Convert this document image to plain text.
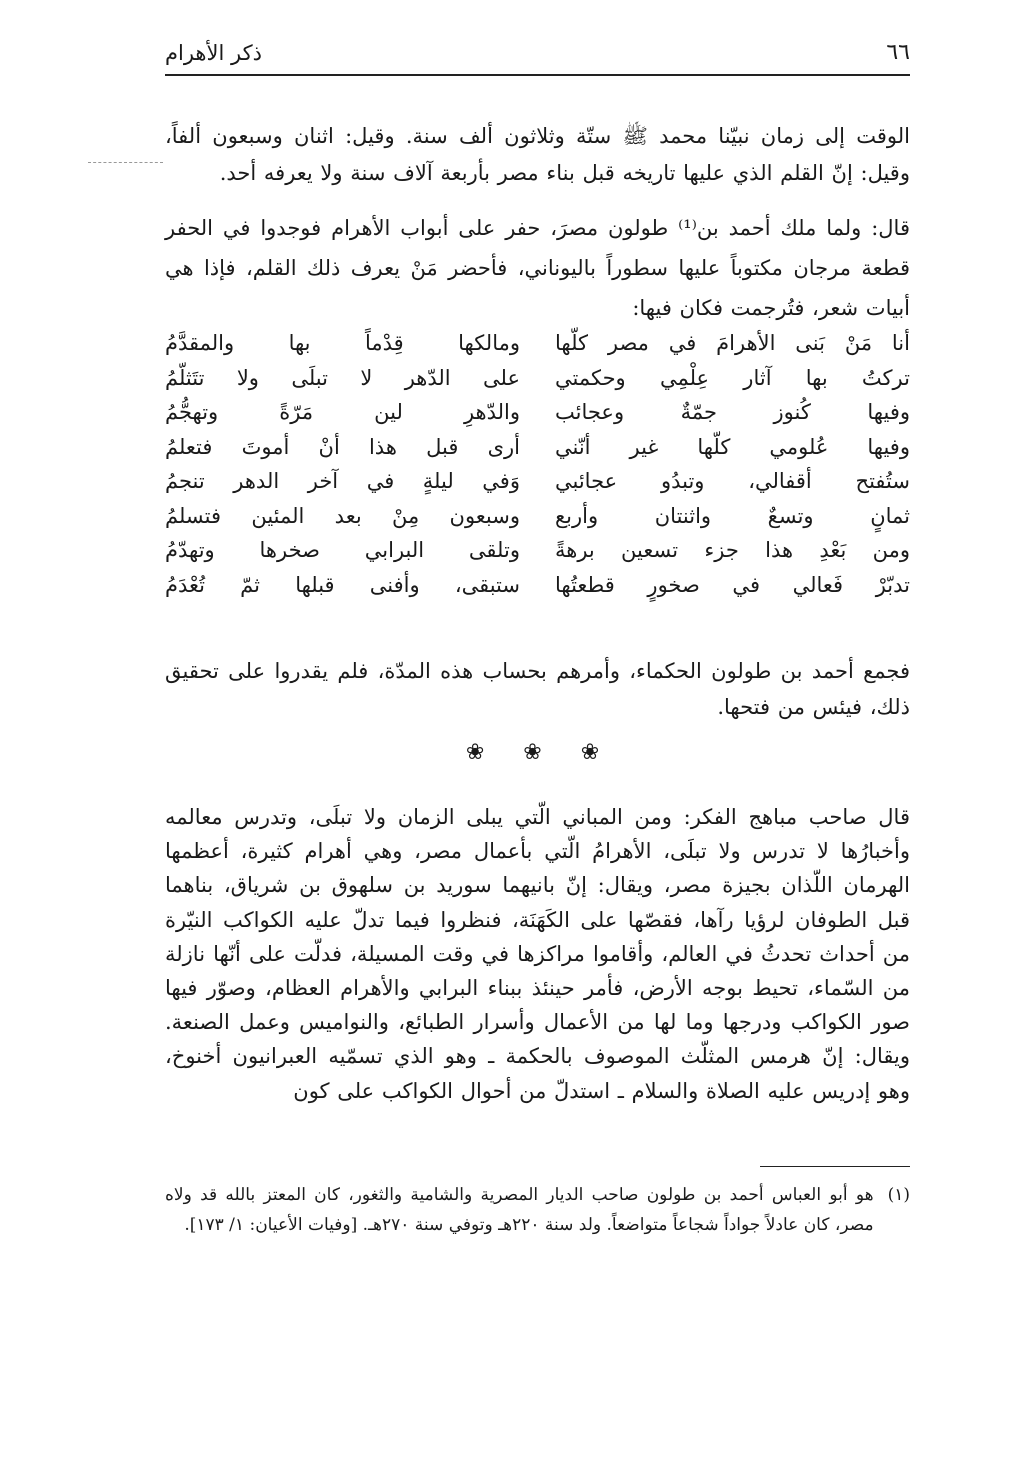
٦٦
ذكر الأهرام

الوقت إلى زمان نبيّنا محمد ﷺ ستّة وثلاثون ألف سنة. وقيل: اثنان وسبعون ألفاً، وقيل: إنّ القلم الذي عليها تاريخه قبل بناء مصر بأربعة آلاف سنة ولا يعرفه أحد.

قال: ولما ملك أحمد بن⁽¹⁾ طولون مصرَ، حفر على أبواب الأهرام فوجدوا في الحفر قطعة مرجان مكتوباً عليها سطوراً باليوناني، فأحضر مَنْ يعرف ذلك القلم، فإذا هي أبيات شعر، فتُرجمت فكان فيها:

أنا مَنْ بَنى الأهرامَ في مصر كلّها
ومالكها قِدْماً بها والمقدَّمُ
تركتُ بها آثار عِلْمِي وحكمتي
على الدّهر لا تبلَى ولا تتَثلّمُ
وفيها كُنوز جمّةٌ وعجائب
والدّهرِ لين مَرّةً وتهجُّمُ
وفيها عُلومي كلّها غير أنّني
أرى قبل هذا أنْ أموتَ فتعلمُ
ستُفتح أقفالي، وتبدُو عجائبي
وَفي ليلةٍ في آخر الدهر تنجمُ
ثمانٍ وتسعٌ واثنتان وأربع
وسبعون مِنْ بعد المئين فتسلمُ
ومن بَعْدِ هذا جزء تسعين برهةً
وتلقى البرابي صخرها وتهدّمُ
تدبّرْ فَعالي في صخورٍ قطعتُها
ستبقى، وأفنى قبلها ثمّ تُعْدَمُ

فجمع أحمد بن طولون الحكماء، وأمرهم بحساب هذه المدّة، فلم يقدروا على تحقيق ذلك، فيئس من فتحها.

❀ ❀ ❀

قال صاحب مباهج الفكر: ومن المباني الّتي يبلى الزمان ولا تبلَى، وتدرس معالمه وأخبارُها لا تدرس ولا تبلَى، الأهرامُ الّتي بأعمال مصر، وهي أهرام كثيرة، أعظمها الهرمان اللّذان بجيزة مصر، ويقال: إنّ بانيهما سوريد بن سلهوق بن شرياق، بناهما قبل الطوفان لرؤيا رآها، فقصّها على الكَهَنَة، فنظروا فيما تدلّ عليه الكواكب النيّرة من أحداث تحدثُ في العالم، وأقاموا مراكزها في وقت المسيلة، فدلّت على أنّها نازلة من السّماء، تحيط بوجه الأرض، فأمر حينئذ ببناء البرابي والأهرام العظام، وصوّر فيها صور الكواكب ودرجها وما لها من الأعمال وأسرار الطبائع، والنواميس وعمل الصنعة. ويقال: إنّ هرمس المثلّث الموصوف بالحكمة ـ وهو الذي تسمّيه العبرانيون أخنوخ، وهو إدريس عليه الصلاة والسلام ـ استدلّ من أحوال الكواكب على كون

(١)
هو أبو العباس أحمد بن طولون صاحب الديار المصرية والشامية والثغور، كان المعتز بالله قد ولاه مصر، كان عادلاً جواداً شجاعاً متواضعاً. ولد سنة ٢٢٠هـ وتوفي سنة ٢٧٠هـ. [وفيات الأعيان: ١/ ١٧٣].
